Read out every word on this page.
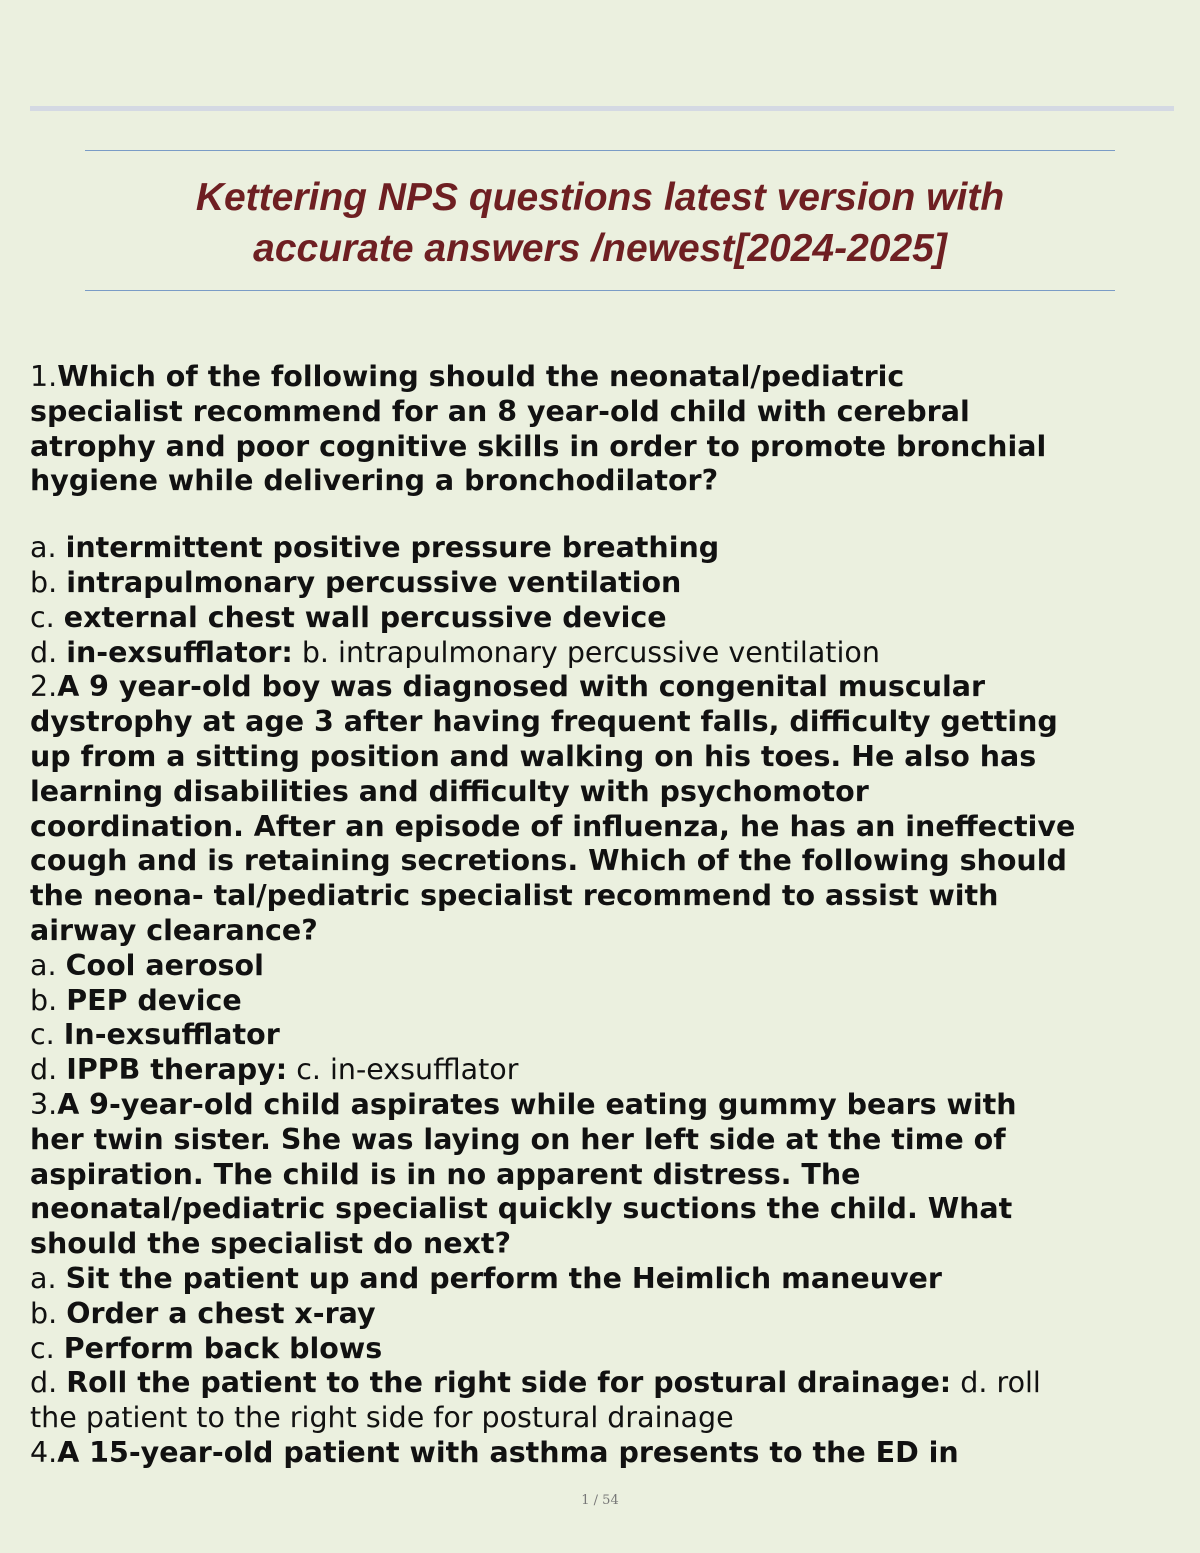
Kettering NPS questions latest version with
accurate answers /newest[2024-2025]
1.Which of the following should the neonatal/pediatric
specialist recommend for an 8 year-old child with cerebral
atrophy and poor cognitive skills in order to promote bronchial
hygiene while delivering a bronchodilator?
a. intermittent positive pressure breathing
b. intrapulmonary percussive ventilation
c. external chest wall percussive device
d. in-exsufflator: b. intrapulmonary percussive ventilation
2.A 9 year-old boy was diagnosed with congenital muscular
dystrophy at age 3 after having frequent falls, difficulty getting
up from a sitting position and walking on his toes. He also has
learning disabilities and difficulty with psychomotor
coordination. After an episode of influenza, he has an ineffective
cough and is retaining secretions. Which of the following should
the neona- tal/pediatric specialist recommend to assist with
airway clearance?
a. Cool aerosol
b. PEP device
c. In-exsufflator
d. IPPB therapy: c. in-exsufflator
3.A 9-year-old child aspirates while eating gummy bears with
her twin sister. She was laying on her left side at the time of
aspiration. The child is in no apparent distress. The
neonatal/pediatric specialist quickly suctions the child. What
should the specialist do next?
a. Sit the patient up and perform the Heimlich maneuver
b. Order a chest x-ray
c. Perform back blows
d. Roll the patient to the right side for postural drainage: d. roll
the patient to the right side for postural drainage
4.A 15-year-old patient with asthma presents to the ED in
1 / 54
